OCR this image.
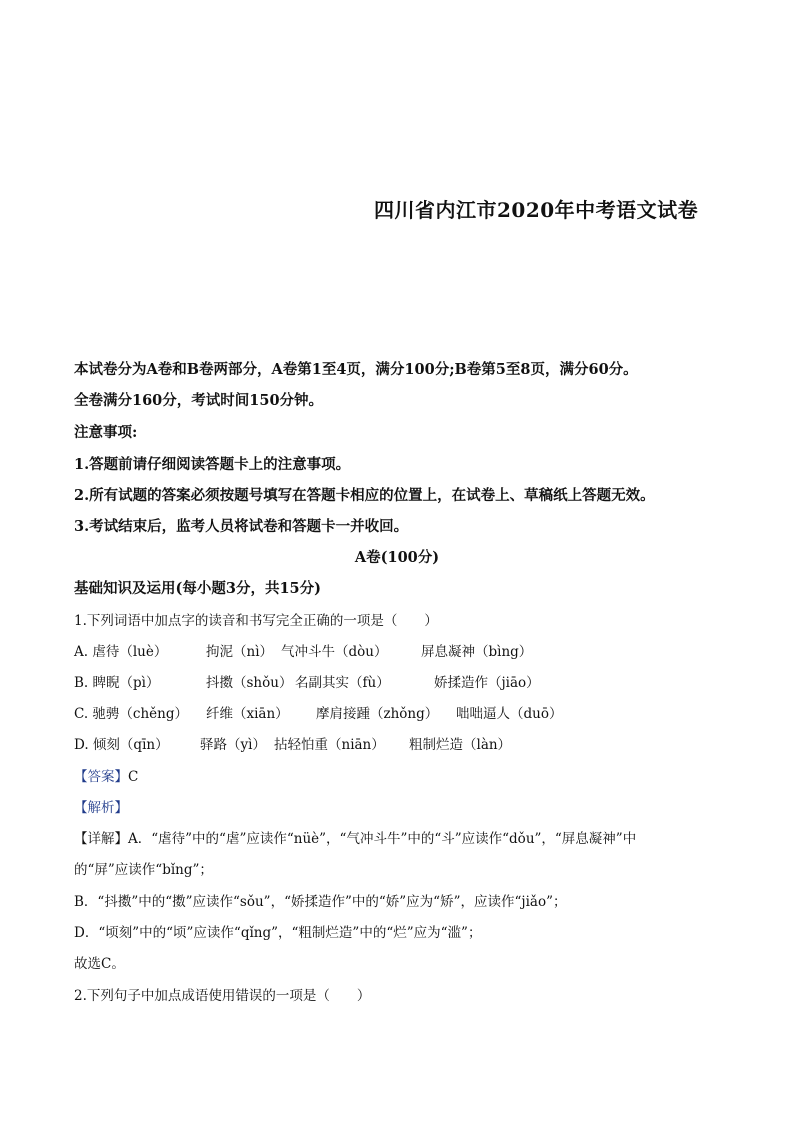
四川省内江市2020年中考语文试卷
本试卷分为A卷和B卷两部分，A卷第1至4页，满分100分;B卷第5至8页，满分60分。
全卷满分160分，考试时间150分钟。
注意事项:
1.答题前请仔细阅读答题卡上的注意事项。
2.所有试题的答案必须按题号填写在答题卡相应的位置上，在试卷上、草稿纸上答题无效。
3.考试结束后，监考人员将试卷和答题卡一并收回。
A卷(100分)
基础知识及运用(每小题3分，共15分)
1.下列词语中加点字的读音和书写完全正确的一项是（　　）
A. 虐待（luè）	拘泥（nì） 气冲斗牛（dòu） 屏息凝神（bìng）
B. 睥睨（pì）	抖擞（shǒu） 名副其实（fù）	娇揉造作（jiāo）
C. 驰骋（chěng） 纤维（xiān） 摩肩接踵（zhǒng） 咄咄逼人（duō）
D. 倾刻（qīn） 驿路（yì） 拈轻怕重（niān） 粗制烂造（làn）
【答案】C
【解析】
【详解】A．“虐待”中的“虐”应读作“nüè”，“气冲斗牛”中的“斗”应读作“dǒu”，“屏息凝神”中
的“屏”应读作“bǐng”；
B．“抖擞”中的“擞”应读作“sǒu”，“娇揉造作”中的“娇”应为“矫”，应读作“jiǎo”；
D．“顷刻”中的“顷”应读作“qǐng”，“粗制烂造”中的“烂”应为“滥”；
故选C。
2.下列句子中加点成语使用错误的一项是（　　）
